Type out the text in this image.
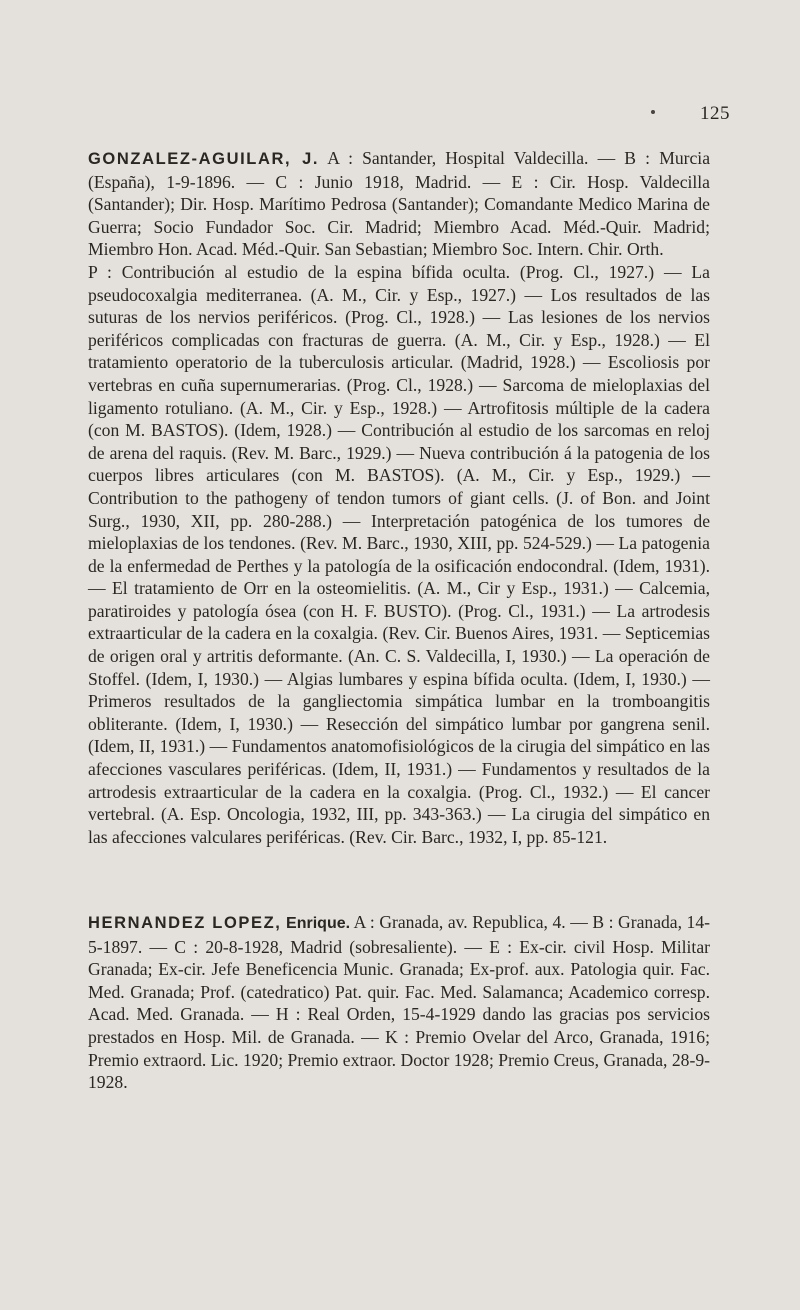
125

GONZALEZ-AGUILAR, J. A : Santander, Hospital Valdecilla. — B : Murcia (España), 1-9-1896. — C : Junio 1918, Madrid. — E : Cir. Hosp. Valdecilla (Santander); Dir. Hosp. Marítimo Pedrosa (Santander); Comandante Medico Marina de Guerra; Socio Fundador Soc. Cir. Madrid; Miembro Acad. Méd.-Quir. Madrid; Miembro Hon. Acad. Méd.-Quir. San Sebastian; Miembro Soc. Intern. Chir. Orth.

P : Contribución al estudio de la espina bífida oculta. (Prog. Cl., 1927.) — La pseudocoxalgia mediterranea. (A. M., Cir. y Esp., 1927.) — Los resultados de las suturas de los nervios periféricos. (Prog. Cl., 1928.) — Las lesiones de los nervios periféricos complicadas con fracturas de guerra. (A. M., Cir. y Esp., 1928.) — El tratamiento operatorio de la tuberculosis articular. (Madrid, 1928.) — Escoliosis por vertebras en cuña supernumerarias. (Prog. Cl., 1928.) — Sarcoma de mieloplaxias del ligamento rotuliano. (A. M., Cir. y Esp., 1928.) — Artrofitosis múltiple de la cadera (con M. BASTOS). (Idem, 1928.) — Contribución al estudio de los sarcomas en reloj de arena del raquis. (Rev. M. Barc., 1929.) — Nueva contribución á la patogenia de los cuerpos libres articulares (con M. BASTOS). (A. M., Cir. y Esp., 1929.) — Contribution to the pathogeny of tendon tumors of giant cells. (J. of Bon. and Joint Surg., 1930, XII, pp. 280-288.) — Interpretación patogénica de los tumores de mieloplaxias de los tendones. (Rev. M. Barc., 1930, XIII, pp. 524-529.) — La patogenia de la enfermedad de Perthes y la patología de la osificación endocondral. (Idem, 1931). — El tratamiento de Orr en la osteomielitis. (A. M., Cir y Esp., 1931.) — Calcemia, paratiroides y patología ósea (con H. F. BUSTO). (Prog. Cl., 1931.) — La artrodesis extraarticular de la cadera en la coxalgia. (Rev. Cir. Buenos Aires, 1931. — Septicemias de origen oral y artritis deformante. (An. C. S. Valdecilla, I, 1930.) — La operación de Stoffel. (Idem, I, 1930.) — Algias lumbares y espina bífida oculta. (Idem, I, 1930.) — Primeros resultados de la gangliectomia simpática lumbar en la tromboangitis obliterante. (Idem, I, 1930.) — Resección del simpático lumbar por gangrena senil. (Idem, II, 1931.) — Fundamentos anatomofisiológicos de la cirugia del simpático en las afecciones vasculares periféricas. (Idem, II, 1931.) — Fundamentos y resultados de la artrodesis extraarticular de la cadera en la coxalgia. (Prog. Cl., 1932.) — El cancer vertebral. (A. Esp. Oncologia, 1932, III, pp. 343-363.) — La cirugia del simpático en las afecciones valculares periféricas. (Rev. Cir. Barc., 1932, I, pp. 85-121.

HERNANDEZ LOPEZ, Enrique. A : Granada, av. Republica, 4. — B : Granada, 14-5-1897. — C : 20-8-1928, Madrid (sobresaliente). — E : Ex-cir. civil Hosp. Militar Granada; Ex-cir. Jefe Beneficencia Munic. Granada; Ex-prof. aux. Patologia quir. Fac. Med. Granada; Prof. (catedratico) Pat. quir. Fac. Med. Salamanca; Academico corresp. Acad. Med. Granada. — H : Real Orden, 15-4-1929 dando las gracias pos servicios prestados en Hosp. Mil. de Granada. — K : Premio Ovelar del Arco, Granada, 1916; Premio extraord. Lic. 1920; Premio extraor. Doctor 1928; Premio Creus, Granada, 28-9-1928.
